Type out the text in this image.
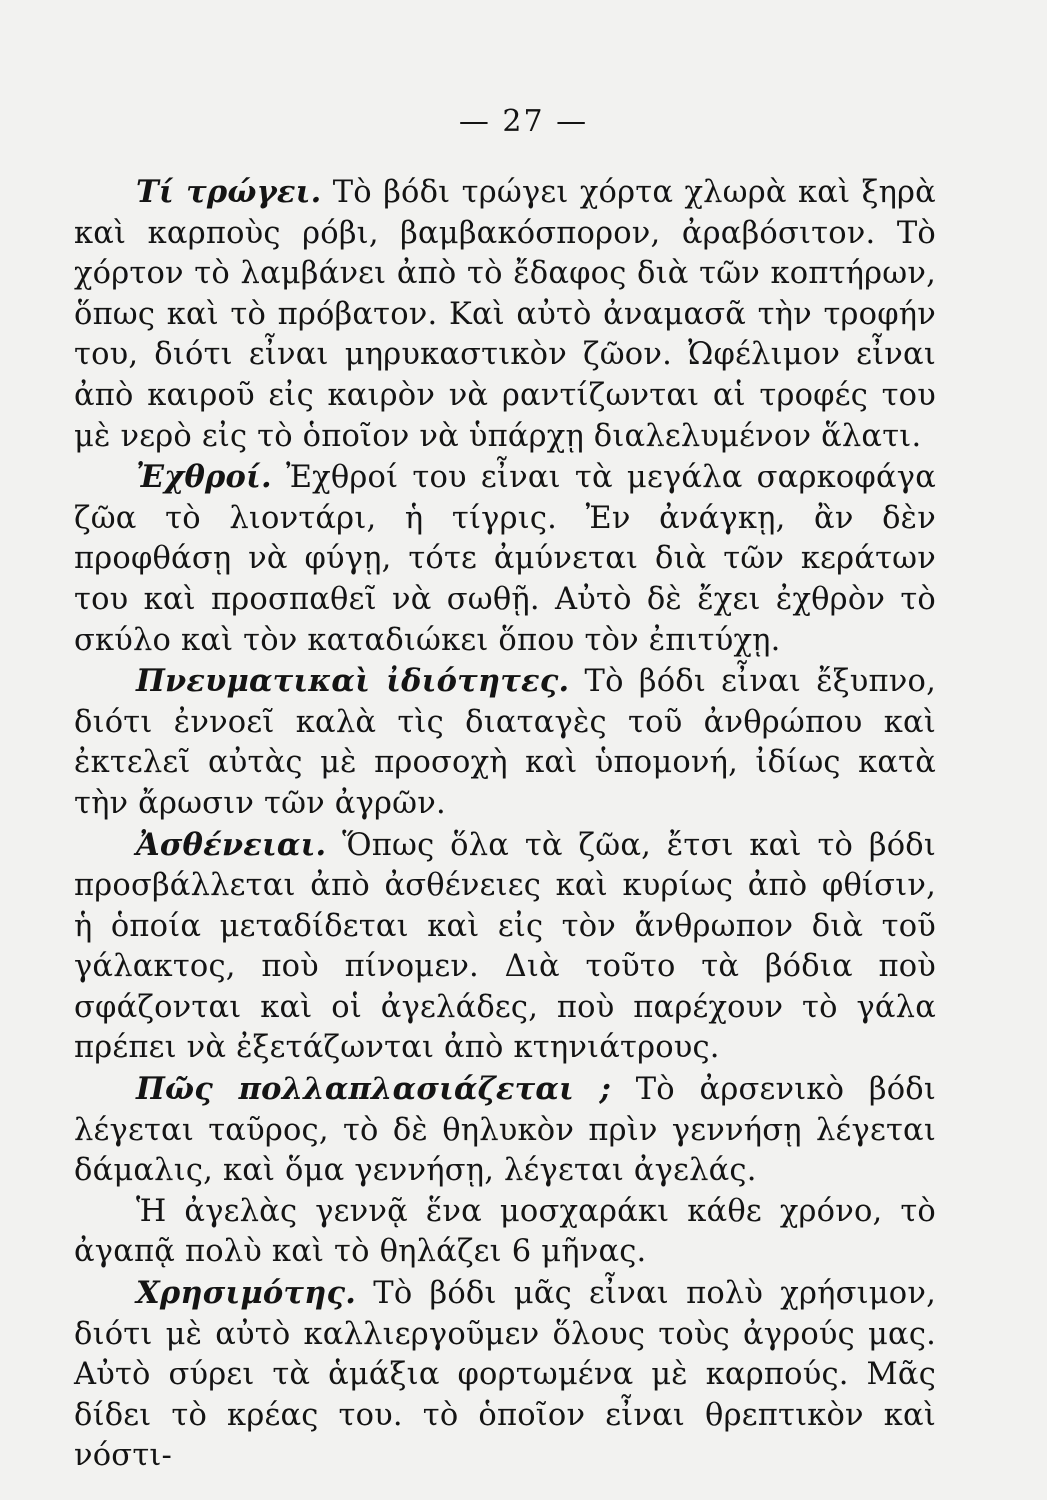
— 27 —

Τί τρώγει. Τὸ βόδι τρώγει χόρτα χλωρὰ καὶ ξηρὰ καὶ καρποὺς ρόβι, βαμβακόσπορον, ἀραβόσιτον. Τὸ χόρτον τὸ λαμβάνει ἀπὸ τὸ ἔδαφος διὰ τῶν κοπτήρων, ὅπως καὶ τὸ πρόβατον. Καὶ αὐτὸ ἀναμασᾶ τὴν τροφήν του, διότι εἶναι μηρυκαστικὸν ζῶον. Ὠφέλιμον εἶναι ἀπὸ καιροῦ εἰς καιρὸν νὰ ραντίζωνται αἱ τροφές του μὲ νερὸ εἰς τὸ ὁποῖον νὰ ὑπάρχῃ διαλελυμένον ἅλατι.

Ἐχθροί. Ἐχθροί του εἶναι τὰ μεγάλα σαρκοφάγα ζῶα τὸ λιοντάρι, ἡ τίγρις. Ἐν ἀνάγκῃ, ἂν δὲν προφθάσῃ νὰ φύγῃ, τότε ἀμύνεται διὰ τῶν κεράτων του καὶ προσπαθεῖ νὰ σωθῇ. Αὐτὸ δὲ ἔχει ἐχθρὸν τὸ σκύλο καὶ τὸν καταδιώκει ὅπου τὸν ἐπιτύχῃ.

Πνευματικαὶ ἰδιότητες. Τὸ βόδι εἶναι ἔξυπνο, διότι ἐννοεῖ καλὰ τὶς διαταγὲς τοῦ ἀνθρώπου καὶ ἐκτελεῖ αὐτὰς μὲ προσοχὴ καὶ ὑπομονή, ἰδίως κατὰ τὴν ἄρωσιν τῶν ἀγρῶν.

Ἀσθένειαι. Ὅπως ὅλα τὰ ζῶα, ἔτσι καὶ τὸ βόδι προσβάλλεται ἀπὸ ἀσθένειες καὶ κυρίως ἀπὸ φθίσιν, ἡ ὁποία μεταδίδεται καὶ εἰς τὸν ἄνθρωπον διὰ τοῦ γάλακτος, ποὺ πίνομεν. Διὰ τοῦτο τὰ βόδια ποὺ σφάζονται καὶ οἱ ἀγελάδες, ποὺ παρέχουν τὸ γάλα πρέπει νὰ ἐξετάζωνται ἀπὸ κτηνιάτρους.

Πῶς πολλαπλασιάζεται ; Τὸ ἀρσενικὸ βόδι λέγεται ταῦρος, τὸ δὲ θηλυκὸν πρὶν γεννήσῃ λέγεται δάμαλις, καὶ ὅμα γεννήσῃ, λέγεται ἀγελάς.

Ἡ ἀγελὰς γεννᾷ ἕνα μοσχαράκι κάθε χρόνο, τὸ ἀγαπᾷ πολὺ καὶ τὸ θηλάζει 6 μῆνας.

Χρησιμότης. Τὸ βόδι μᾶς εἶναι πολὺ χρήσιμον, διότι μὲ αὐτὸ καλλιεργοῦμεν ὅλους τοὺς ἀγρούς μας. Αὐτὸ σύρει τὰ ἁμάξια φορτωμένα μὲ καρπούς. Μᾶς δίδει τὸ κρέας του. τὸ ὁποῖον εἶναι θρεπτικὸν καὶ νόστι-
